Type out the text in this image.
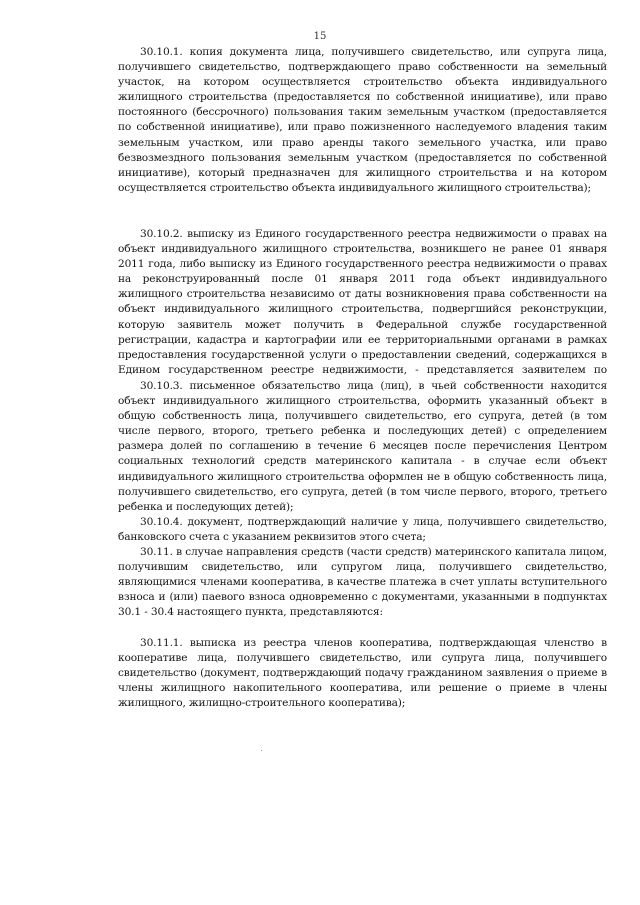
15

30.10.1. копия документа лица, получившего свидетельство, или супруга лица, получившего свидетельство, подтверждающего право собственности на земельный участок, на котором осуществляется строительство объекта индивидуального жилищного строительства (предоставляется по собственной инициативе), или право постоянного (бессрочного) пользования таким земельным участком (предоставляется по собственной инициативе), или право пожизненного наследуемого владения таким земельным участком, или право аренды такого земельного участка, или право безвозмездного пользования земельным участком (предоставляется по собственной инициативе), который предназначен для жилищного строительства и на котором осуществляется строительство объекта индивидуального жилищного строительства);

30.10.2. выписку из Единого государственного реестра недвижимости о правах на объект индивидуального жилищного строительства, возникшего не ранее 01 января 2011 года, либо выписку из Единого государственного реестра недвижимости о правах на реконструированный после 01 января 2011 года объект индивидуального жилищного строительства независимо от даты возникновения права собственности на объект индивидуального жилищного строительства, подвергшийся реконструкции, которую заявитель может получить в Федеральной службе государственной регистрации, кадастра и картографии или ее территориальными органами в рамках предоставления государственной услуги о предоставлении сведений, содержащихся в Едином государственном реестре недвижимости, - представляется заявителем по

30.10.3. письменное обязательство лица (лиц), в чьей собственности находится объект индивидуального жилищного строительства, оформить указанный объект в общую собственность лица, получившего свидетельство, его супруга, детей (в том числе первого, второго, третьего ребенка и последующих детей) с определением размера долей по соглашению в течение 6 месяцев после перечисления Центром социальных технологий средств материнского капитала - в случае если объект индивидуального жилищного строительства оформлен не в общую собственность лица, получившего свидетельство, его супруга, детей (в том числе первого, второго, третьего ребенка и последующих детей);

30.10.4. документ, подтверждающий наличие у лица, получившего свидетельство, банковского счета с указанием реквизитов этого счета;

30.11. в случае направления средств (части средств) материнского капитала лицом, получившим свидетельство, или супругом лица, получившего свидетельство, являющимися членами кооператива, в качестве платежа в счет уплаты вступительного взноса и (или) паевого взноса одновременно с документами, указанными в подпунктах 30.1 - 30.4 настоящего пункта, представляются:

30.11.1. выписка из реестра членов кооператива, подтверждающая членство в кооперативе лица, получившего свидетельство, или супруга лица, получившего свидетельство (документ, подтверждающий подачу гражданином заявления о приеме в члены жилищного накопительного кооператива, или решение о приеме в члены жилищного, жилищно-строительного кооператива);
